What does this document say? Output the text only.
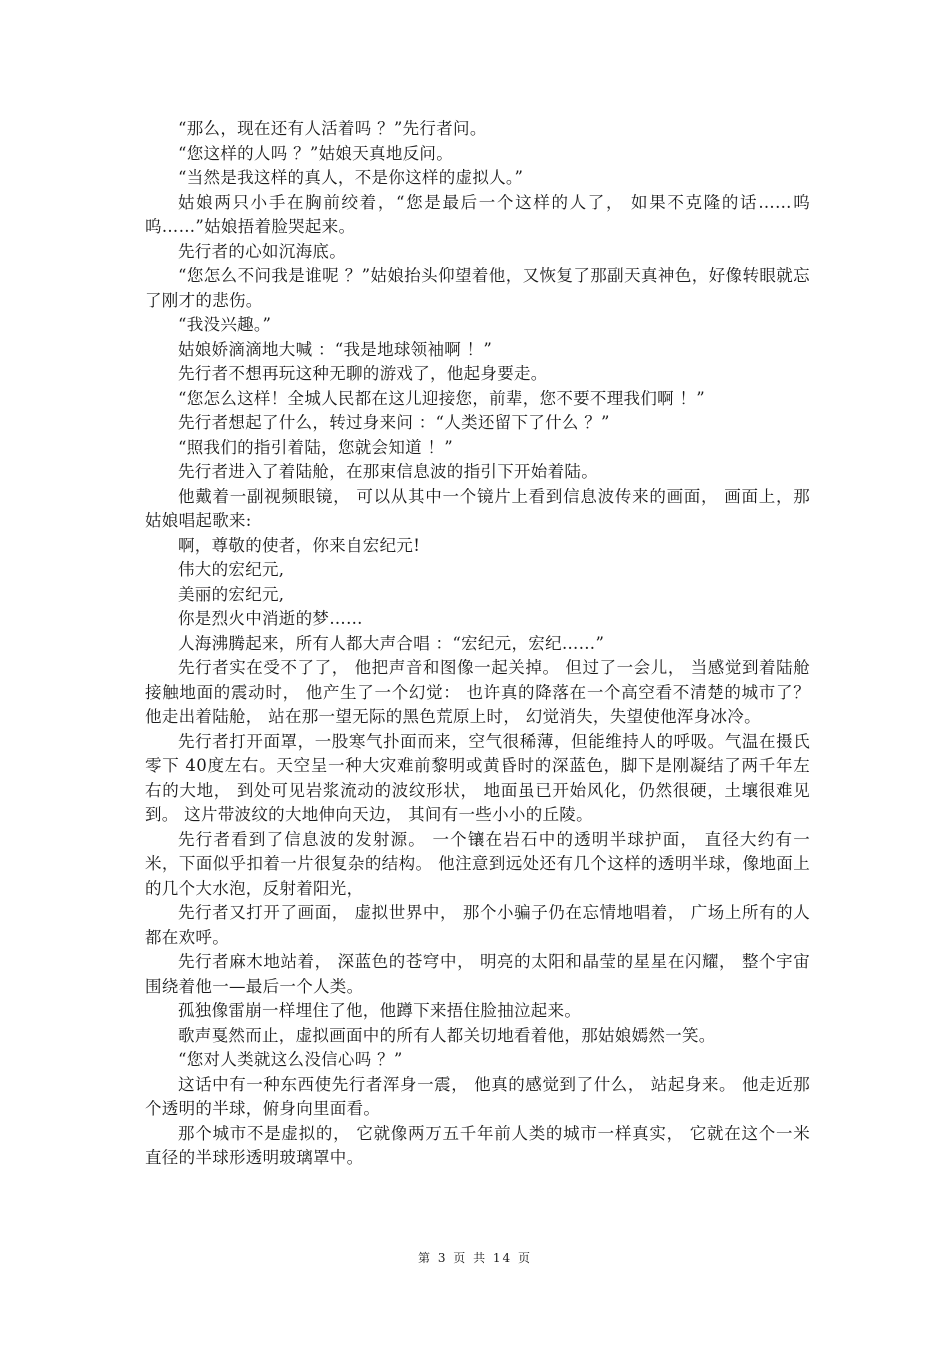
“那么，现在还有人活着吗 ？”先行者问。

“您这样的人吗 ？”姑娘天真地反问。

“当然是我这样的真人，不是你这样的虚拟人。”

姑娘两只小手在胸前绞着，“您是最后一个这样的人了， 如果不克隆的话……呜呜……”姑娘捂着脸哭起来。

先行者的心如沉海底。

“您怎么不问我是谁呢 ？”姑娘抬头仰望着他，又恢复了那副天真神色，好像转眼就忘了刚才的悲伤。

“我没兴趣。”

姑娘娇滴滴地大喊 ：“我是地球领袖啊 ！”

先行者不想再玩这种无聊的游戏了，他起身要走。

“您怎么这样！全城人民都在这儿迎接您，前辈，您不要不理我们啊 ！”

先行者想起了什么，转过身来问 ：“人类还留下了什么 ？”

“照我们的指引着陆，您就会知道 ！”

先行者进入了着陆舱，在那束信息波的指引下开始着陆。

他戴着一副视频眼镜， 可以从其中一个镜片上看到信息波传来的画面， 画面上，那姑娘唱起歌来:

啊，尊敬的使者，你来自宏纪元!

伟大的宏纪元,

美丽的宏纪元,

你是烈火中消逝的梦……

人海沸腾起来，所有人都大声合唱 ：“宏纪元，宏纪……”

先行者实在受不了了， 他把声音和图像一起关掉。 但过了一会儿， 当感觉到着陆舱接触地面的震动时， 他产生了一个幻觉： 也许真的降落在一个高空看不清楚的城市了？他走出着陆舱， 站在那一望无际的黑色荒原上时， 幻觉消失，失望使他浑身冰冷。

先行者打开面罩，一股寒气扑面而来，空气很稀薄，但能维持人的呼吸。气温在摄氏零下 40度左右。天空呈一种大灾难前黎明或黄昏时的深蓝色，脚下是刚凝结了两千年左右的大地， 到处可见岩浆流动的波纹形状， 地面虽已开始风化，仍然很硬，土壤很难见到。 这片带波纹的大地伸向天边， 其间有一些小小的丘陵。

先行者看到了信息波的发射源。 一个镶在岩石中的透明半球护面， 直径大约有一米，下面似乎扣着一片很复杂的结构。 他注意到远处还有几个这样的透明半球，像地面上的几个大水泡，反射着阳光，

先行者又打开了画面， 虚拟世界中， 那个小骗子仍在忘情地唱着， 广场上所有的人都在欢呼。

先行者麻木地站着， 深蓝色的苍穹中， 明亮的太阳和晶莹的星星在闪耀， 整个宇宙围绕着他一—最后一个人类。

孤独像雷崩一样埋住了他，他蹲下来捂住脸抽泣起来。

歌声戛然而止，虚拟画面中的所有人都关切地看着他，那姑娘嫣然一笑。

“您对人类就这么没信心吗 ？”

这话中有一种东西使先行者浑身一震， 他真的感觉到了什么， 站起身来。 他走近那个透明的半球，俯身向里面看。

那个城市不是虚拟的， 它就像两万五千年前人类的城市一样真实， 它就在这个一米直径的半球形透明玻璃罩中。

第 3 页 共 14 页
